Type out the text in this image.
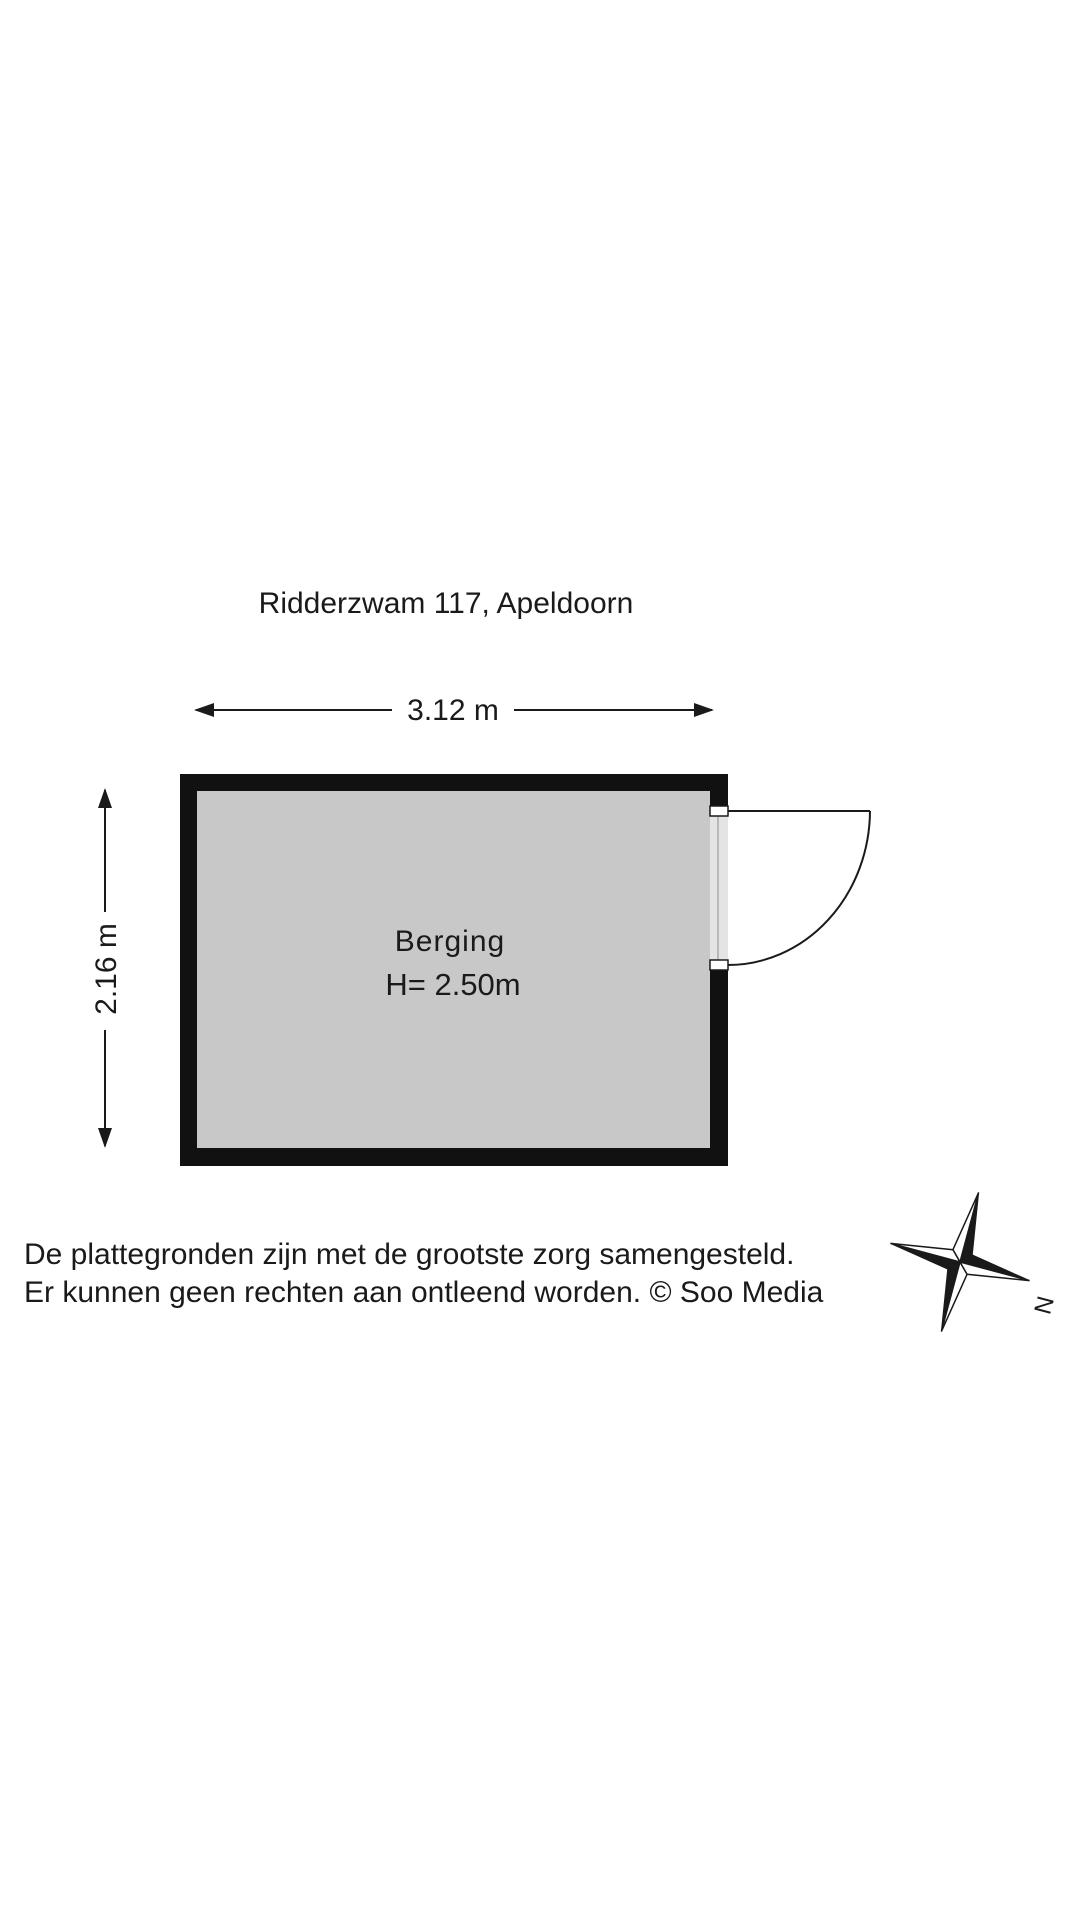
Ridderzwam 117, Apeldoorn
3.12 m
2.16 m	Berging
H= 2.50m
N
De plattegronden zijn met de grootste zorg samengesteld.
Er kunnen geen rechten aan ontleend worden. © Soo Media
